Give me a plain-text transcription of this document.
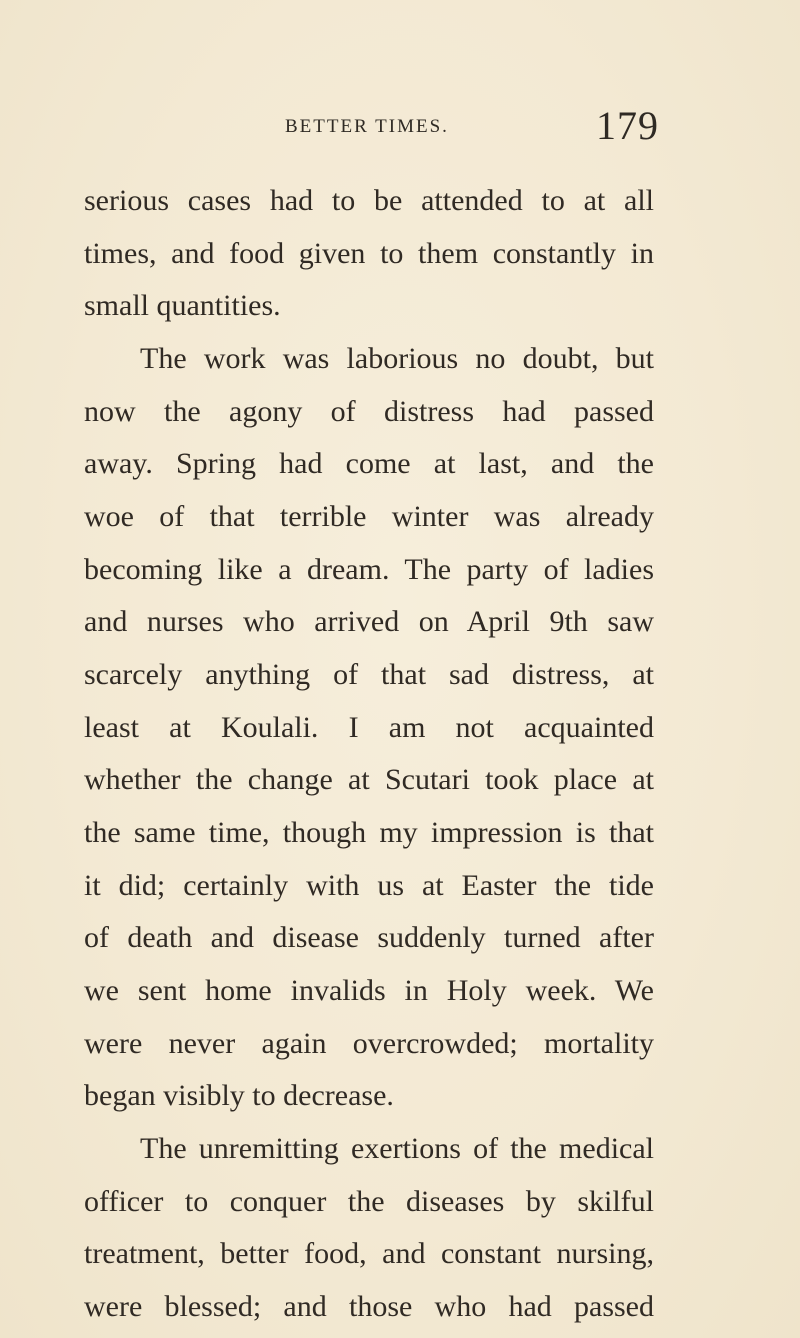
BETTER TIMES.	179
serious cases had to be attended to at all
times, and food given to them constantly in
small quantities.
The work was laborious no doubt, but
now the agony of distress had passed
away. Spring had come at last, and the
woe of that terrible winter was already
becoming like a dream. The party of ladies
and nurses who arrived on April 9th saw
scarcely anything of that sad distress, at
least at Koulali. I am not acquainted
whether the change at Scutari took place at
the same time, though my impression is that
it did; certainly with us at Easter the tide
of death and disease suddenly turned after
we sent home invalids in Holy week. We
were never again overcrowded; mortality
began visibly to decrease.
The unremitting exertions of the medical
officer to conquer the diseases by skilful
treatment, better food, and constant nursing,
were blessed; and those who had passed
